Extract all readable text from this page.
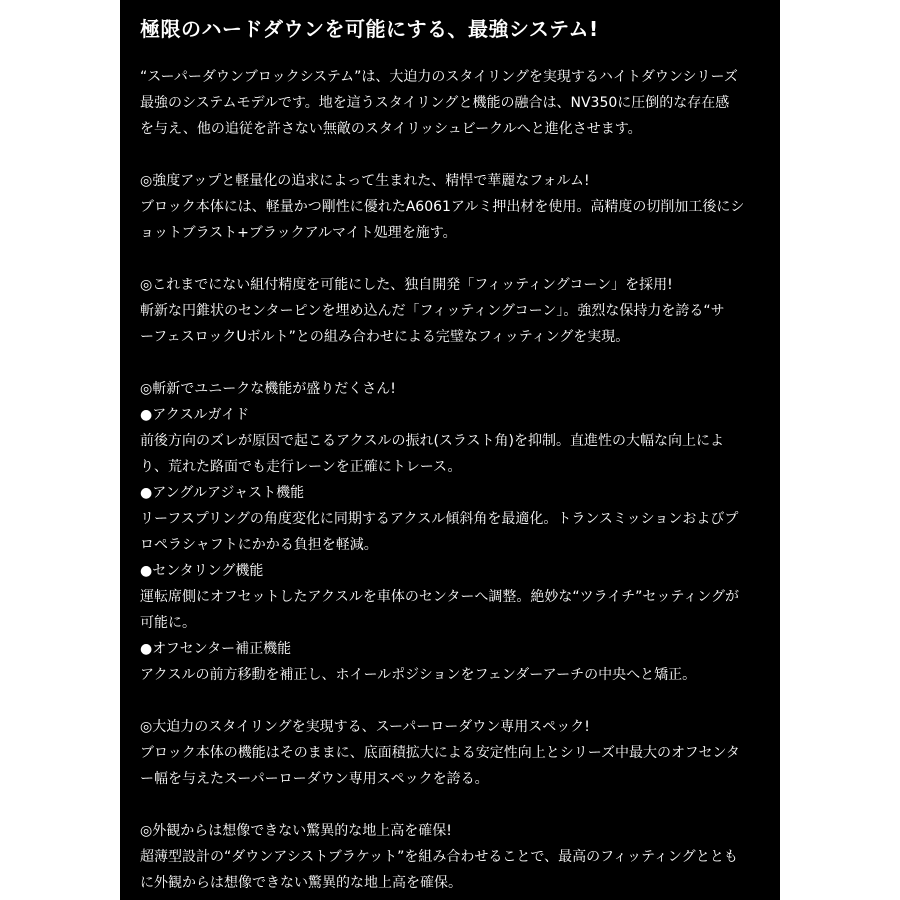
極限のハードダウンを可能にする、最強システム!
“スーパーダウンブロックシステム”は、大迫力のスタイリングを実現するハイトダウンシリーズ
最強のシステムモデルです。地を這うスタイリングと機能の融合は、NV350に圧倒的な存在感
を与え、他の追従を許さない無敵のスタイリッシュビークルへと進化させます。
◎強度アップと軽量化の追求によって生まれた、精悍で華麗なフォルム!
ブロック本体には、軽量かつ剛性に優れたA6061アルミ押出材を使用。高精度の切削加工後にシ
ョットブラスト+ブラックアルマイト処理を施す。
◎これまでにない組付精度を可能にした、独自開発「フィッティングコーン」を採用!
斬新な円錐状のセンターピンを埋め込んだ「フィッティングコーン」。強烈な保持力を誇る“サ
ーフェスロックUボルト”との組み合わせによる完璧なフィッティングを実現。
◎斬新でユニークな機能が盛りだくさん!
●アクスルガイド
前後方向のズレが原因で起こるアクスルの振れ(スラスト角)を抑制。直進性の大幅な向上によ
り、荒れた路面でも走行レーンを正確にトレース。
●アングルアジャスト機能
リーフスプリングの角度変化に同期するアクスル傾斜角を最適化。トランスミッションおよびプ
ロペラシャフトにかかる負担を軽減。
●センタリング機能
運転席側にオフセットしたアクスルを車体のセンターへ調整。絶妙な“ツライチ”セッティングが
可能に。
●オフセンター補正機能
アクスルの前方移動を補正し、ホイールポジションをフェンダーアーチの中央へと矯正。
◎大迫力のスタイリングを実現する、スーパーローダウン専用スペック!
ブロック本体の機能はそのままに、底面積拡大による安定性向上とシリーズ中最大のオフセンタ
ー幅を与えたスーパーローダウン専用スペックを誇る。
◎外観からは想像できない驚異的な地上高を確保!
超薄型設計の“ダウンアシストブラケット”を組み合わせることで、最高のフィッティングととも
に外観からは想像できない驚異的な地上高を確保。
